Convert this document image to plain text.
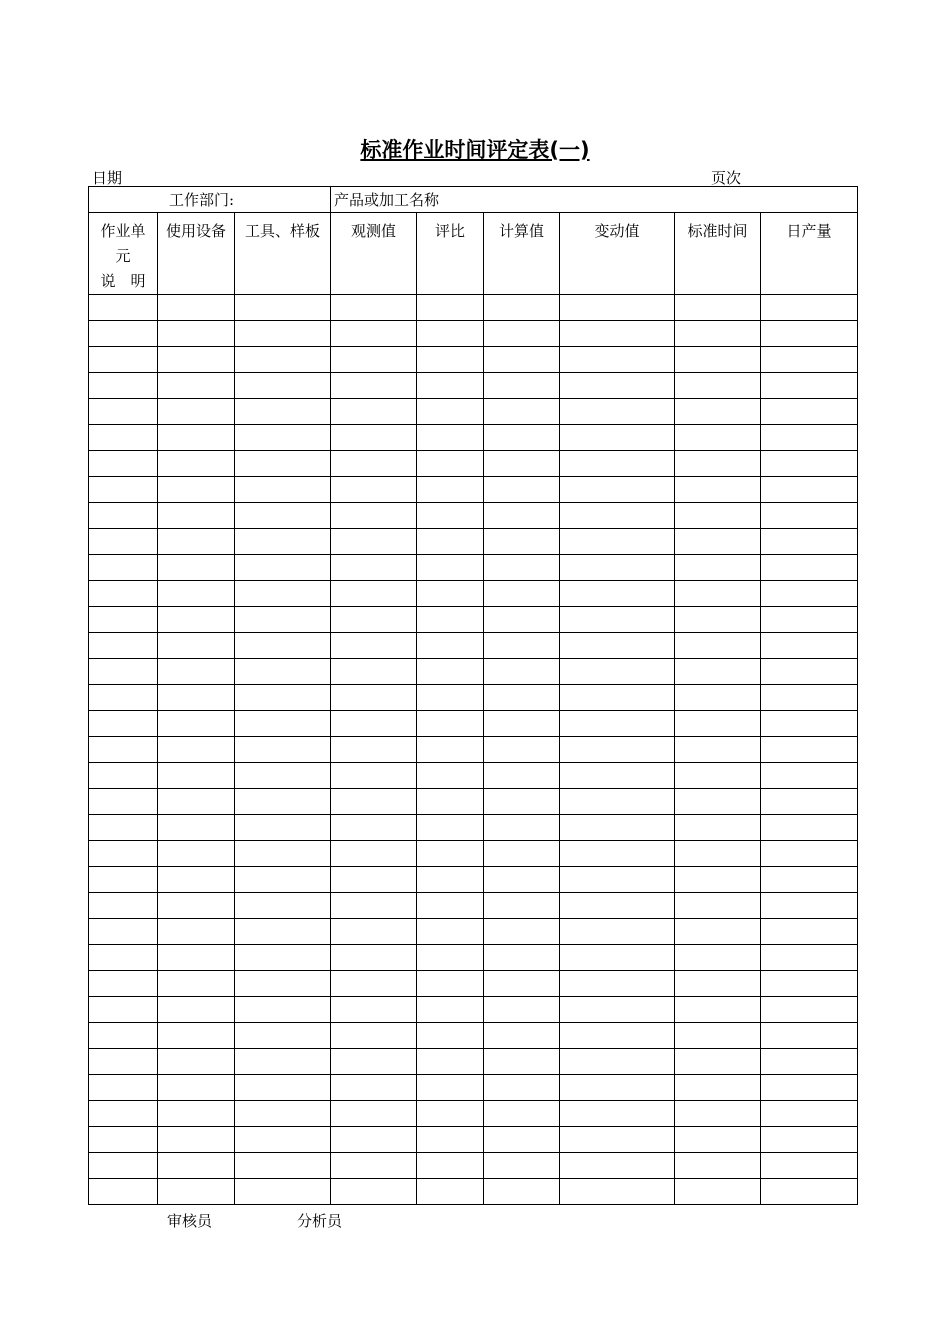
标准作业时间评定表(一)
日期	页次
工作部门:			产品或加工名称					

作业单
元
说　明	使用设备	工具、样板	观测值	评比	计算值	变动值	标准时间	日产量

审核员	分析员
